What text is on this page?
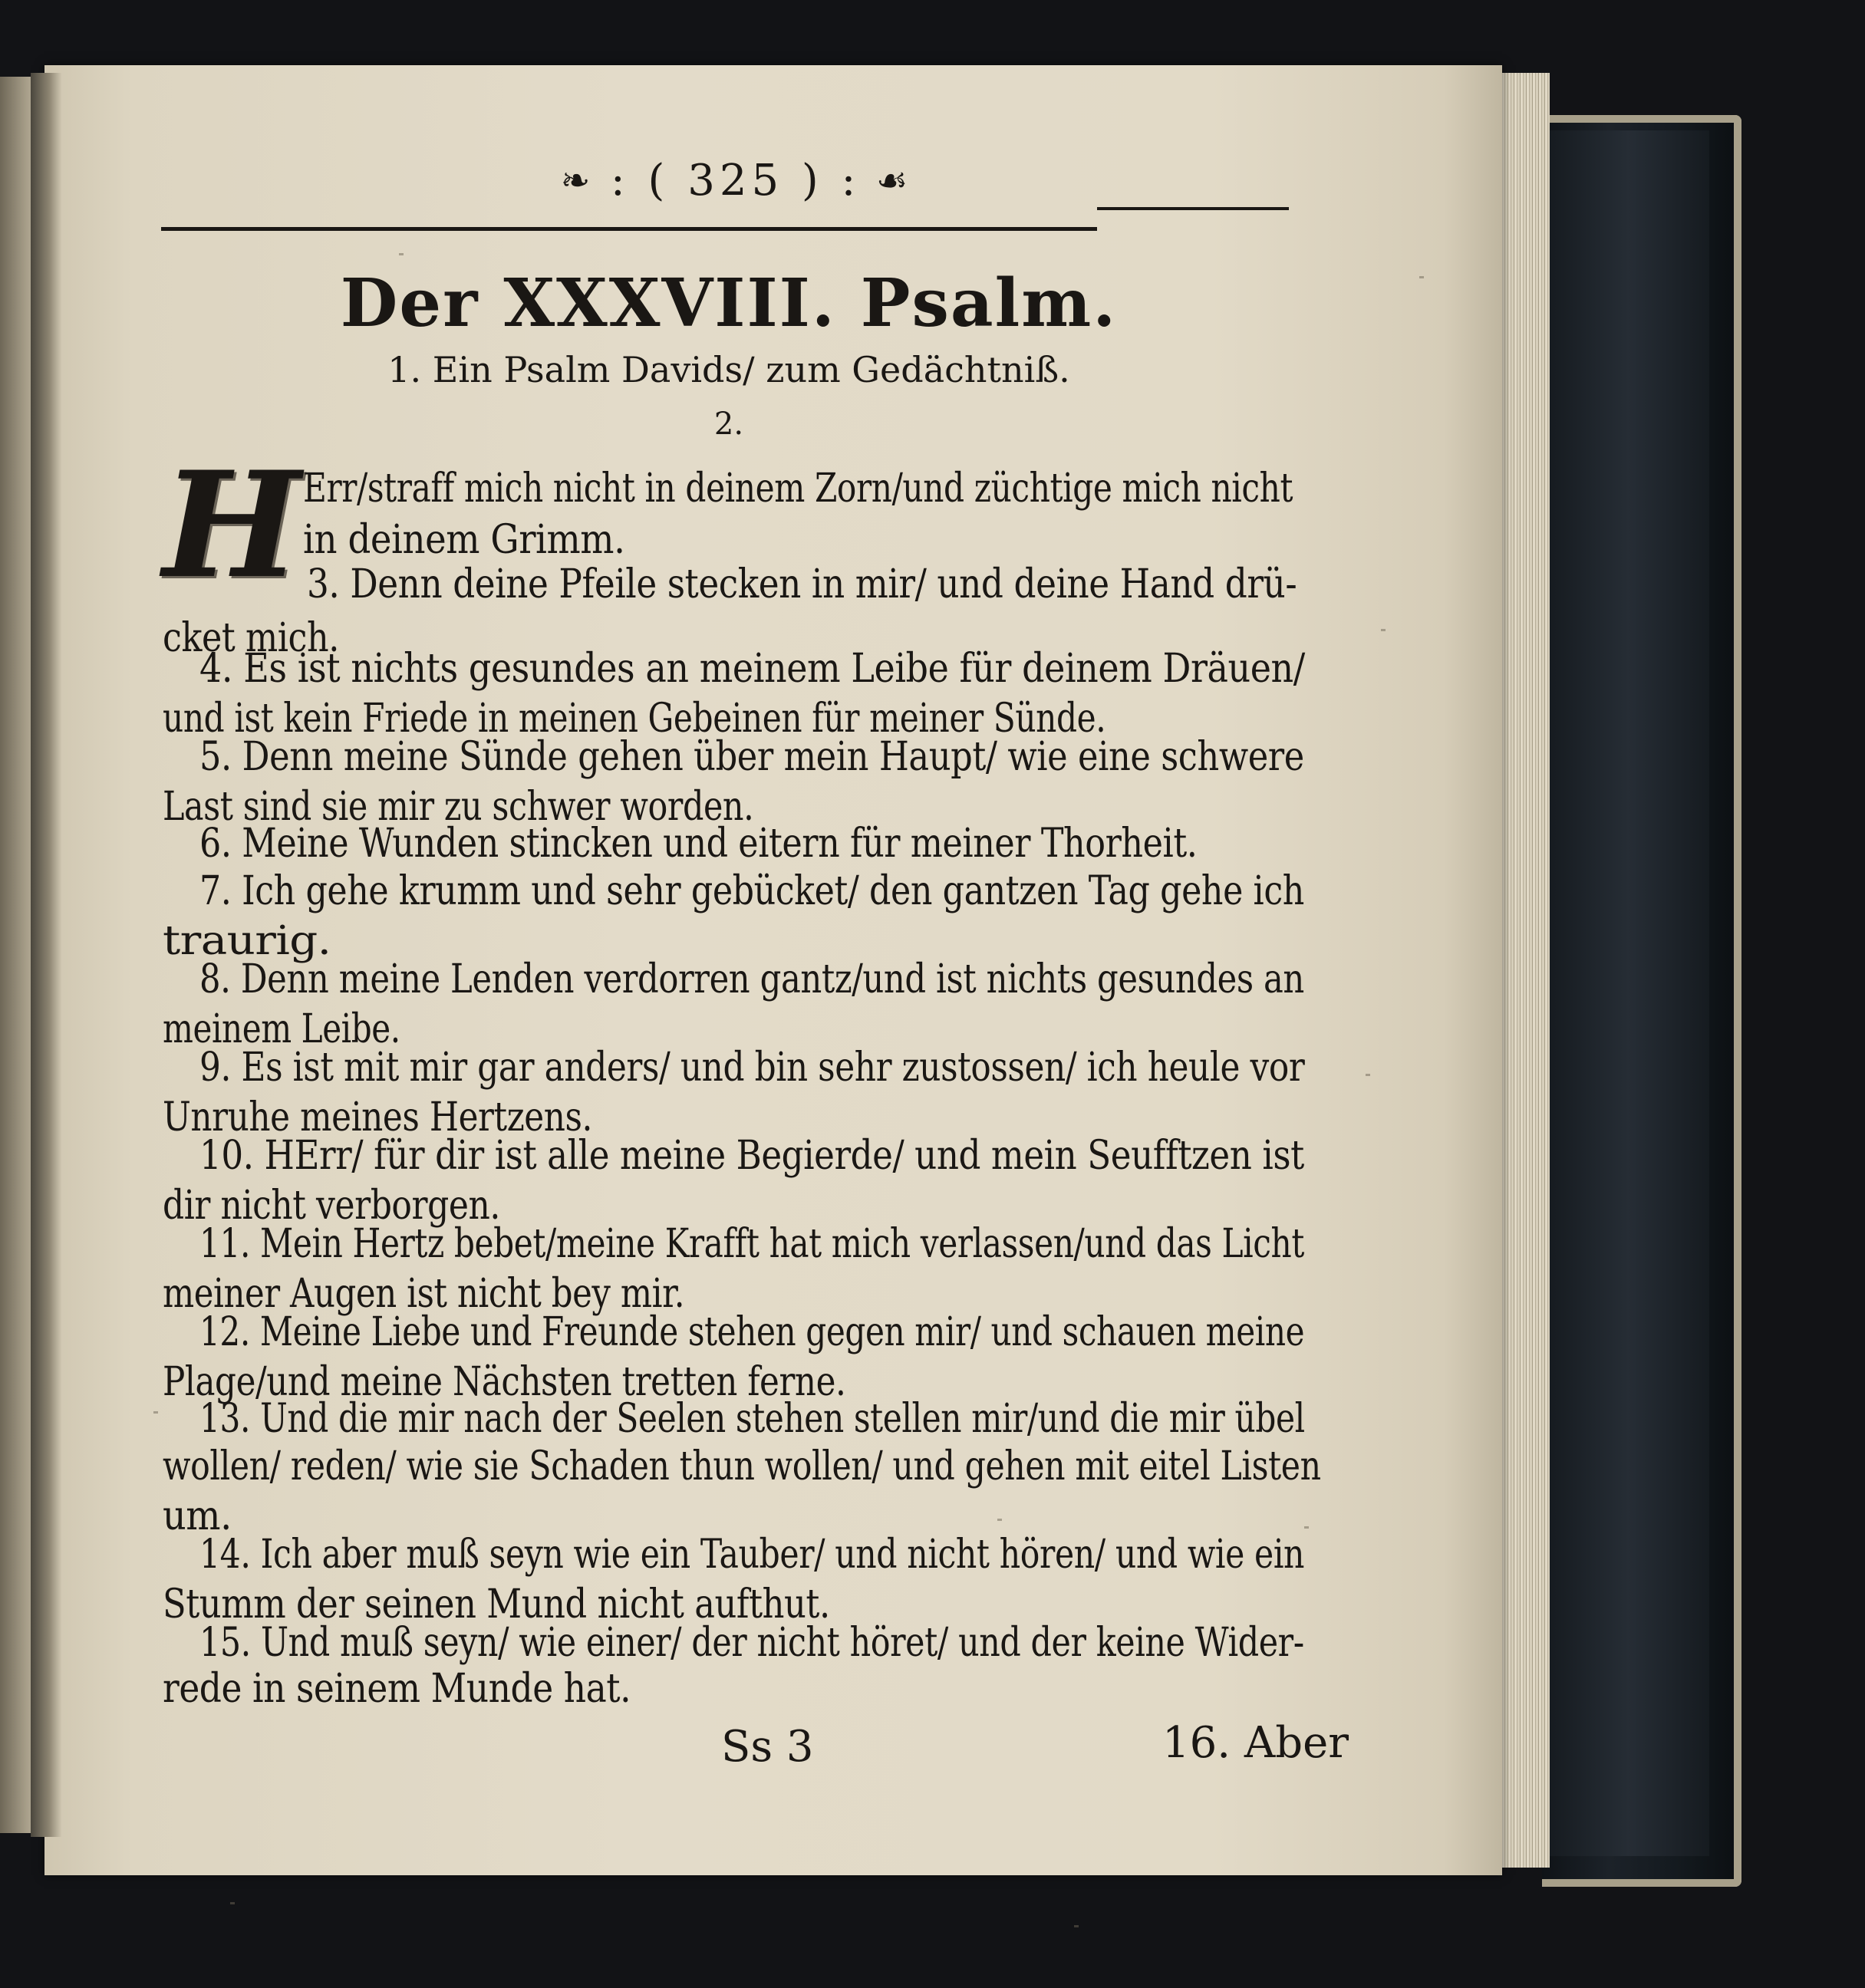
❧ : ( 325 ) : ☙
Der XXXVIII. Psalm.
1. Ein Psalm Davids/ zum Gedächtniß.
2.
H
Ss 3	16. Aber
Err/straff mich nicht in deinem Zorn/und züchtige mich nicht
in deinem Grimm.
3. Denn deine Pfeile stecken in mir/ und deine Hand drü-
cket mich.
4. Es ist nichts gesundes an meinem Leibe für deinem Dräuen/
und ist kein Friede in meinen Gebeinen für meiner Sünde.
5. Denn meine Sünde gehen über mein Haupt/ wie eine schwere
Last sind sie mir zu schwer worden.
6. Meine Wunden stincken und eitern für meiner Thorheit.
7. Ich gehe krumm und sehr gebücket/ den gantzen Tag gehe ich
traurig.
8. Denn meine Lenden verdorren gantz/und ist nichts gesundes an
meinem Leibe.
9. Es ist mit mir gar anders/ und bin sehr zustossen/ ich heule vor
Unruhe meines Hertzens.
10. HErr/ für dir ist alle meine Begierde/ und mein Seufftzen ist
dir nicht verborgen.
11. Mein Hertz bebet/meine Krafft hat mich verlassen/und das Licht
meiner Augen ist nicht bey mir.
12. Meine Liebe und Freunde stehen gegen mir/ und schauen meine
Plage/und meine Nächsten tretten ferne.
13. Und die mir nach der Seelen stehen stellen mir/und die mir übel
wollen/ reden/ wie sie Schaden thun wollen/ und gehen mit eitel Listen
um.
14. Ich aber muß seyn wie ein Tauber/ und nicht hören/ und wie ein
Stumm der seinen Mund nicht aufthut.
15. Und muß seyn/ wie einer/ der nicht höret/ und der keine Wider-
rede in seinem Munde hat.
